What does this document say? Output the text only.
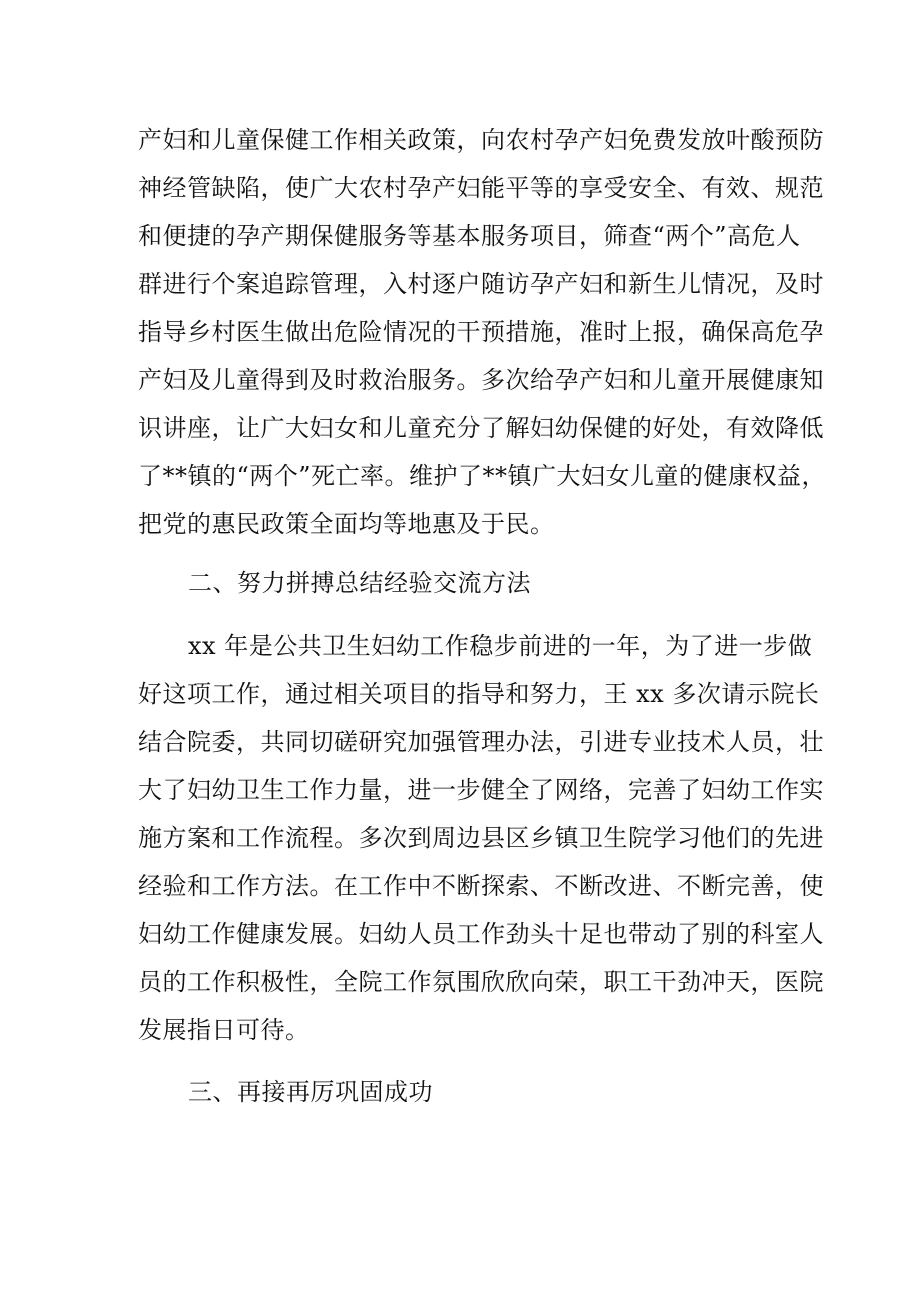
产妇和儿童保健工作相关政策，向农村孕产妇免费发放叶酸预防
神经管缺陷，使广大农村孕产妇能平等的享受安全、有效、规范
和便捷的孕产期保健服务等基本服务项目，筛查“两个”高危人
群进行个案追踪管理，入村逐户随访孕产妇和新生儿情况，及时
指导乡村医生做出危险情况的干预措施，准时上报，确保高危孕
产妇及儿童得到及时救治服务。多次给孕产妇和儿童开展健康知
识讲座，让广大妇女和儿童充分了解妇幼保健的好处，有效降低
了**镇的“两个”死亡率。维护了**镇广大妇女儿童的健康权益，
把党的惠民政策全面均等地惠及于民。
二、努力拼搏总结经验交流方法
xx 年是公共卫生妇幼工作稳步前进的一年，为了进一步做
好这项工作，通过相关项目的指导和努力，王 xx 多次请示院长
结合院委，共同切磋研究加强管理办法，引进专业技术人员，壮
大了妇幼卫生工作力量，进一步健全了网络，完善了妇幼工作实
施方案和工作流程。多次到周边县区乡镇卫生院学习他们的先进
经验和工作方法。在工作中不断探索、不断改进、不断完善，使
妇幼工作健康发展。妇幼人员工作劲头十足也带动了别的科室人
员的工作积极性，全院工作氛围欣欣向荣，职工干劲冲天，医院
发展指日可待。
三、再接再厉巩固成功
